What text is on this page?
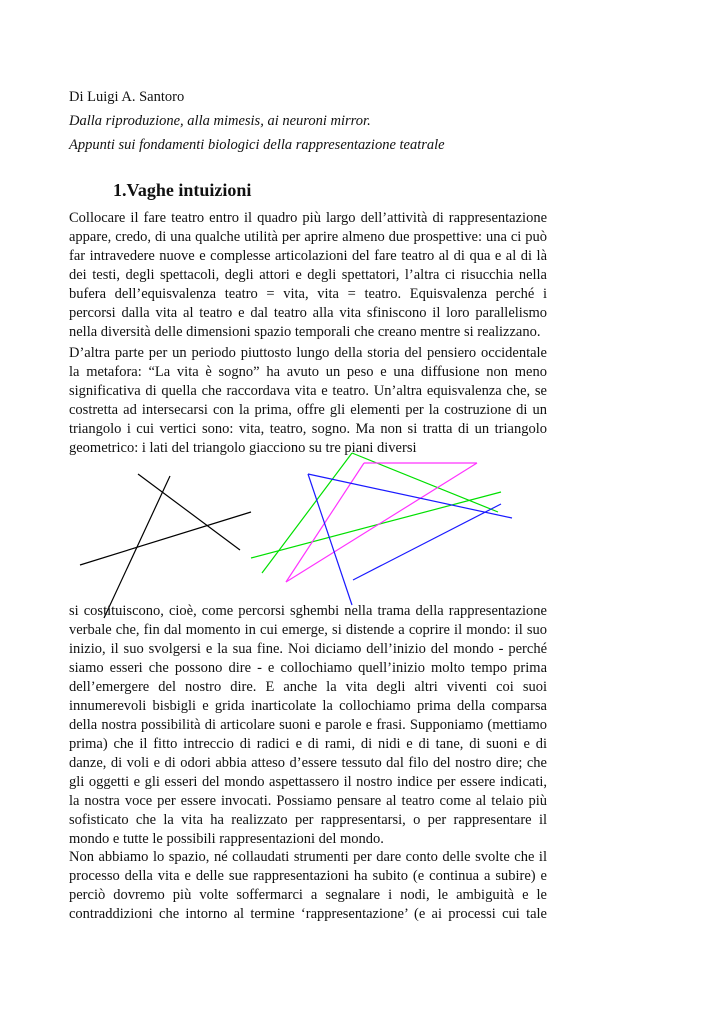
Di Luigi A. Santoro
Dalla riproduzione, alla mimesis, ai neuroni mirror.
Appunti sui fondamenti biologici della rappresentazione teatrale
1.Vaghe intuizioni
Collocare il fare teatro entro il quadro più largo dell’attività di rappresentazione
appare, credo, di una qualche utilità per aprire almeno due prospettive: una ci può
far intravedere nuove e complesse articolazioni del fare teatro al di qua e al di là
dei testi, degli spettacoli, degli attori e degli spettatori, l’altra ci risucchia nella
bufera dell’equisvalenza teatro = vita, vita = teatro. Equisvalenza perché i
percorsi dalla vita al teatro e dal teatro alla vita sfiniscono il loro parallelismo
nella diversità delle dimensioni spazio temporali che creano mentre si realizzano.
D’altra parte per un periodo piuttosto lungo della storia del pensiero occidentale
la metafora: “La vita è sogno” ha avuto un peso e una diffusione non meno
significativa di quella che raccordava vita e teatro. Un’altra equisvalenza che, se
costretta ad intersecarsi con la prima, offre gli elementi per la costruzione di un
triangolo i cui vertici sono: vita, teatro, sogno. Ma non si tratta di un triangolo
geometrico: i lati del triangolo giacciono su tre piani diversi
si costituiscono, cioè, come percorsi sghembi nella trama della rappresentazione
verbale che, fin dal momento in cui emerge, si distende a coprire il mondo: il suo
inizio, il suo svolgersi e la sua fine. Noi diciamo dell’inizio del mondo - perché
siamo esseri che possono dire - e collochiamo quell’inizio molto tempo prima
dell’emergere del nostro dire. E anche la vita degli altri viventi coi suoi
innumerevoli bisbigli e grida inarticolate la collochiamo prima della comparsa
della nostra possibilità di articolare suoni e parole e frasi. Supponiamo (mettiamo
prima) che il fitto intreccio di radici e di rami, di nidi e di tane, di suoni e di
danze, di voli e di odori abbia atteso d’essere tessuto dal filo del nostro dire; che
gli oggetti e gli esseri del mondo aspettassero il nostro indice per essere indicati,
la nostra voce per essere invocati. Possiamo pensare al teatro come al telaio più
sofisticato che la vita ha realizzato per rappresentarsi, o per rappresentare il
mondo e tutte le possibili rappresentazioni del mondo.
Non abbiamo lo spazio, né collaudati strumenti per dare conto delle svolte che il
processo della vita e delle sue rappresentazioni ha subito (e continua a subire) e
perciò dovremo più volte soffermarci a segnalare i nodi, le ambiguità e le
contraddizioni che intorno al termine ‘rappresentazione’ (e ai processi cui tale
